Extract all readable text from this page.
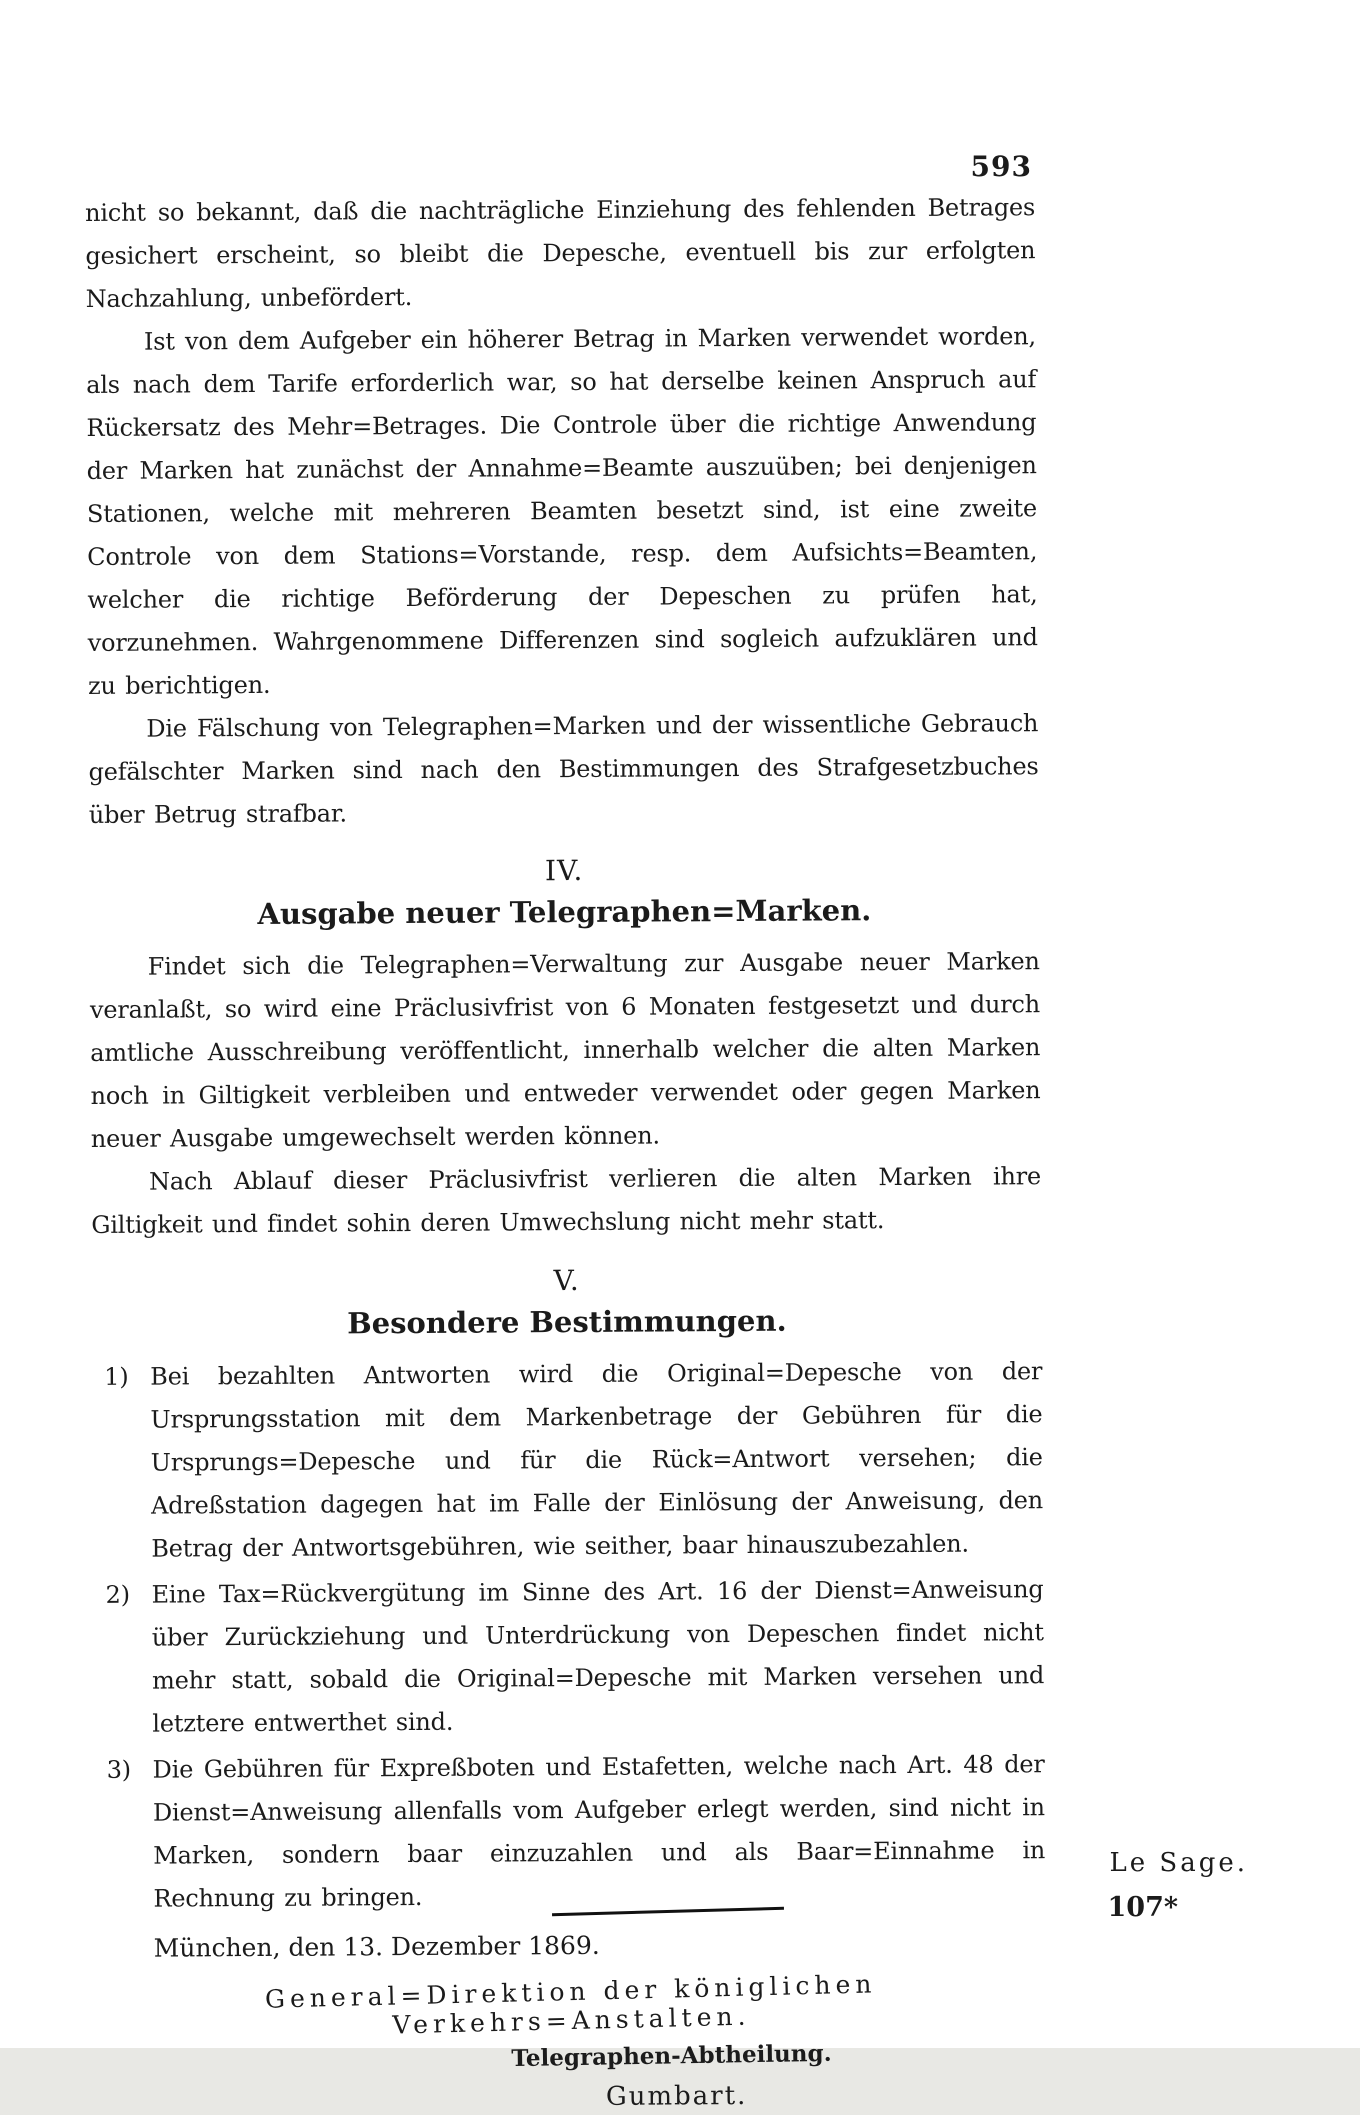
593

nicht so bekannt, daß die nachträgliche Einziehung des fehlenden Betrages gesichert erscheint, so bleibt die Depesche, eventuell bis zur erfolgten Nachzahlung, unbefördert.

Ist von dem Aufgeber ein höherer Betrag in Marken verwendet worden, als nach dem Tarife erforderlich war, so hat derselbe keinen Anspruch auf Rückersatz des Mehr=Betrages. Die Controle über die richtige Anwendung der Marken hat zunächst der Annahme=Beamte auszuüben; bei denjenigen Stationen, welche mit mehreren Beamten besetzt sind, ist eine zweite Controle von dem Stations=Vorstande, resp. dem Aufsichts=Beamten, welcher die richtige Beförderung der Depeschen zu prüfen hat, vorzunehmen. Wahrgenommene Differenzen sind sogleich aufzuklären und zu berichtigen.

Die Fälschung von Telegraphen=Marken und der wissentliche Gebrauch gefälschter Marken sind nach den Bestimmungen des Strafgesetzbuches über Betrug strafbar.

IV.
Ausgabe neuer Telegraphen=Marken.

Findet sich die Telegraphen=Verwaltung zur Ausgabe neuer Marken veranlaßt, so wird eine Präclusivfrist von 6 Monaten festgesetzt und durch amtliche Ausschreibung veröffentlicht, innerhalb welcher die alten Marken noch in Giltigkeit verbleiben und entweder verwendet oder gegen Marken neuer Ausgabe umgewechselt werden können.

Nach Ablauf dieser Präclusivfrist verlieren die alten Marken ihre Giltigkeit und findet sohin deren Umwechslung nicht mehr statt.

V.
Besondere Bestimmungen.
1) Bei bezahlten Antworten wird die Original=Depesche von der Ursprungsstation mit dem Markenbetrage der Gebühren für die Ursprungs=Depesche und für die Rück=Antwort versehen; die Adreßstation dagegen hat im Falle der Einlösung der Anweisung, den Betrag der Antwortsgebühren, wie seither, baar hinauszubezahlen.
2) Eine Tax=Rückvergütung im Sinne des Art. 16 der Dienst=Anweisung über Zurückziehung und Unterdrückung von Depeschen findet nicht mehr statt, sobald die Original=Depesche mit Marken versehen und letztere entwerthet sind.
3) Die Gebühren für Expreßboten und Estafetten, welche nach Art. 48 der Dienst=Anweisung allenfalls vom Aufgeber erlegt werden, sind nicht in Marken, sondern baar einzuzahlen und als Baar=Einnahme in Rechnung zu bringen.

München, den 13. Dezember 1869.

General=Direktion der königlichen Verkehrs=Anstalten.
Telegraphen-Abtheilung.
Gumbart.
Le Sage.
107*
